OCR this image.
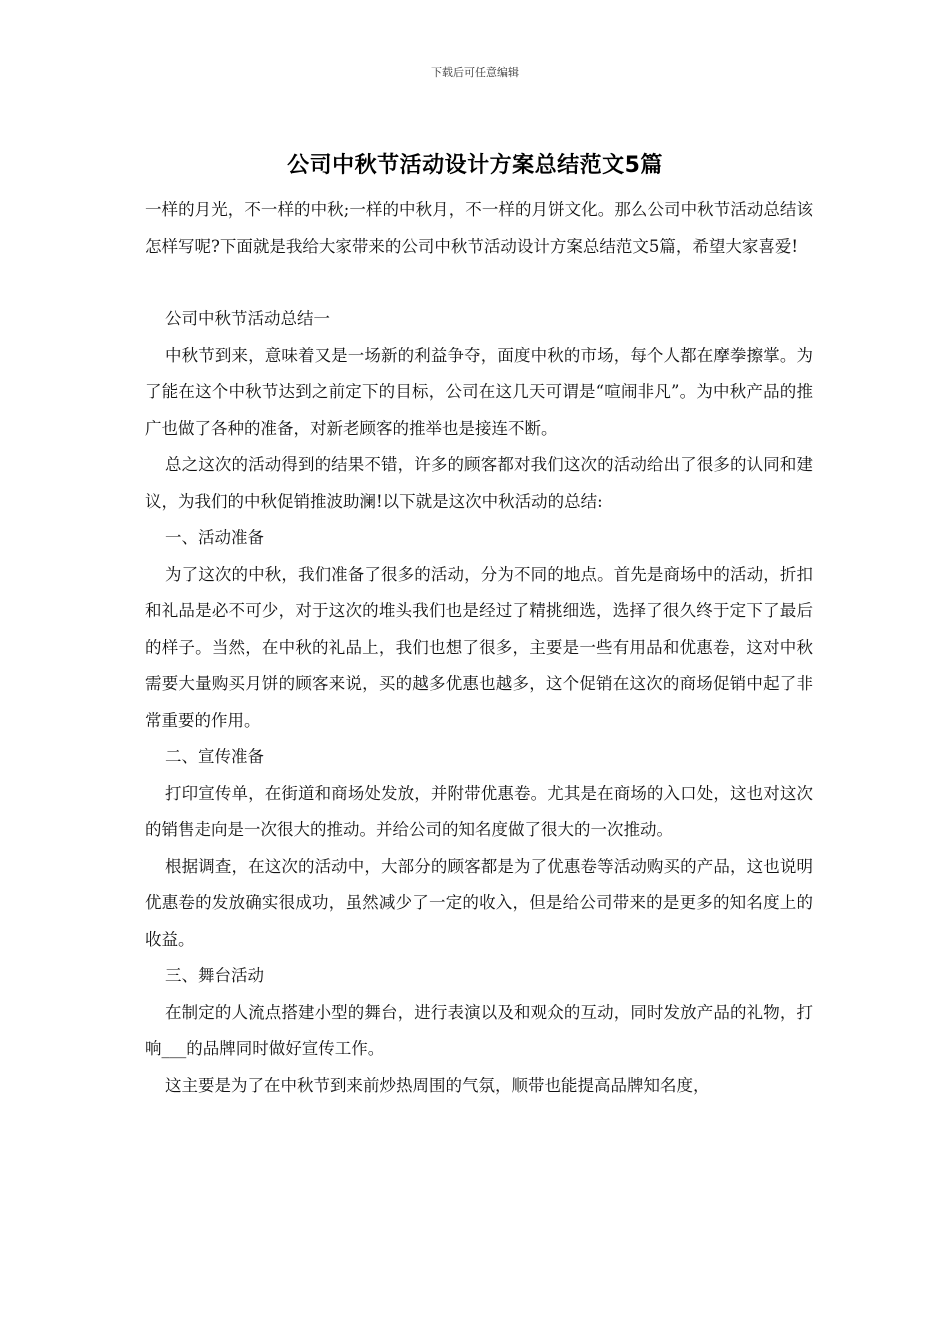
下载后可任意编辑
公司中秋节活动设计方案总结范文5篇

一样的月光，不一样的中秋;一样的中秋月，不一样的月饼文化。那么公司中秋节活动总结该怎样写呢?下面就是我给大家带来的公司中秋节活动设计方案总结范文5篇，希望大家喜爱!

公司中秋节活动总结一

中秋节到来，意味着又是一场新的利益争夺，面度中秋的市场，每个人都在摩拳擦掌。为了能在这个中秋节达到之前定下的目标，公司在这几天可谓是“喧闹非凡”。为中秋产品的推广也做了各种的准备，对新老顾客的推举也是接连不断。

总之这次的活动得到的结果不错，许多的顾客都对我们这次的活动给出了很多的认同和建议，为我们的中秋促销推波助澜!以下就是这次中秋活动的总结:

一、活动准备

为了这次的中秋，我们准备了很多的活动，分为不同的地点。首先是商场中的活动，折扣和礼品是必不可少，对于这次的堆头我们也是经过了精挑细选，选择了很久终于定下了最后的样子。当然，在中秋的礼品上，我们也想了很多，主要是一些有用品和优惠卷，这对中秋需要大量购买月饼的顾客来说，买的越多优惠也越多，这个促销在这次的商场促销中起了非常重要的作用。

二、宣传准备

打印宣传单，在街道和商场处发放，并附带优惠卷。尤其是在商场的入口处，这也对这次的销售走向是一次很大的推动。并给公司的知名度做了很大的一次推动。

根据调查，在这次的活动中，大部分的顾客都是为了优惠卷等活动购买的产品，这也说明优惠卷的发放确实很成功，虽然减少了一定的收入，但是给公司带来的是更多的知名度上的收益。

三、舞台活动

在制定的人流点搭建小型的舞台，进行表演以及和观众的互动，同时发放产品的礼物，打响___的品牌同时做好宣传工作。

这主要是为了在中秋节到来前炒热周围的气氛，顺带也能提高品牌知名度，
